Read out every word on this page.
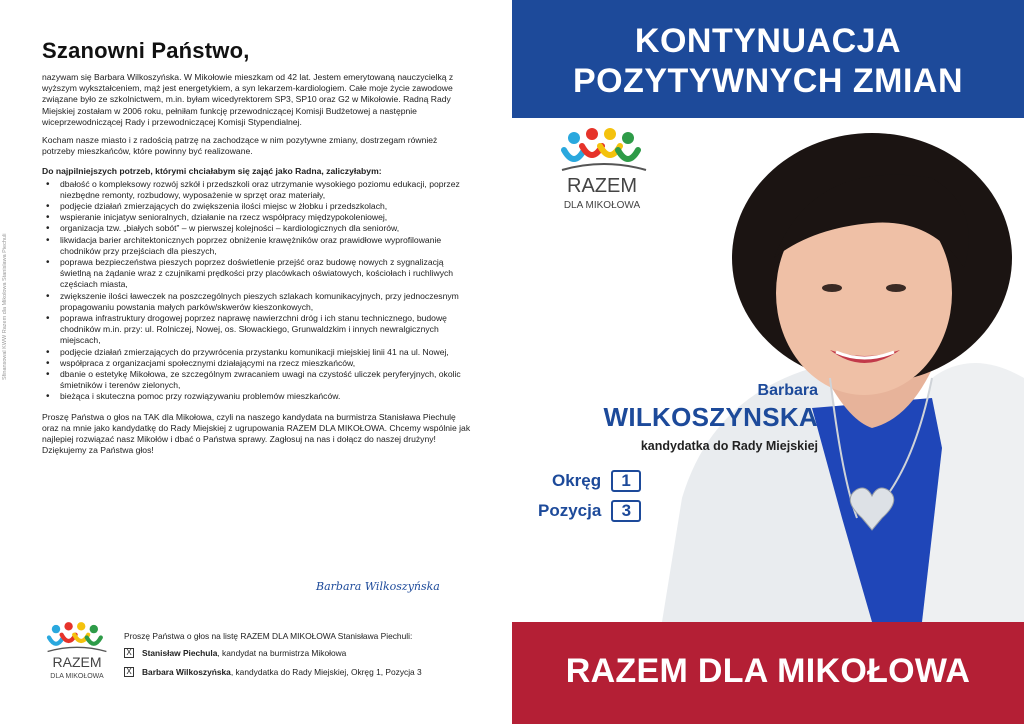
Sfinansowal KWW Razem dla Mikolowa Stanislawa Piechuli
Szanowni Państwo,

nazywam się Barbara Wilkoszyńska. W Mikołowie mieszkam od 42 lat. Jestem emerytowaną nauczycielką z wyższym wykształceniem, mąż jest energetykiem, a syn lekarzem-kardiologiem. Całe moje życie zawodowe związane było ze szkolnictwem, m.in. byłam wicedyrektorem SP3, SP10 oraz G2 w Mikołowie. Radną Rady Miejskiej zostałam w 2006 roku, pełniłam funkcję przewodniczącej Komisji Budżetowej a następnie wiceprzewodniczącej Rady i przewodniczącej Komisji Stypendialnej.

Kocham nasze miasto i z radością patrzę na zachodzące w nim pozytywne zmiany, dostrzegam również potrzeby mieszkańców, które powinny być realizowane.

Do najpilniejszych potrzeb, którymi chciałabym się zająć jako Radna, zaliczyłabym:

• dbałość o kompleksowy rozwój szkół i przedszkoli oraz utrzymanie wysokiego poziomu edukacji, poprzez niezbędne remonty, rozbudowy, wyposażenie w sprzęt oraz materiały,
• podjęcie działań zmierzających do zwiększenia ilości miejsc w żłobku i przedszkolach,
• wspieranie inicjatyw senioralnych, działanie na rzecz współpracy międzypokoleniowej,
• organizacja tzw. „białych sobót” – w pierwszej kolejności – kardiologicznych dla seniorów,
• likwidacja barier architektonicznych poprzez obniżenie krawężników oraz prawidłowe wyprofilowanie chodników przy przejściach dla pieszych,
• poprawa bezpieczeństwa pieszych poprzez doświetlenie przejść oraz budowę nowych z sygnalizacją świetlną na żądanie wraz z czujnikami prędkości przy placówkach oświatowych, kościołach i ruchliwych częściach miasta,
• zwiększenie ilości ławeczek na poszczególnych pieszych szlakach komunikacyjnych, przy jednoczesnym propagowaniu powstania małych parków/skwerów kieszonkowych,
• poprawa infrastruktury drogowej poprzez naprawę nawierzchni dróg i ich stanu technicznego, budowę chodników m.in. przy: ul. Rolniczej, Nowej, os. Słowackiego, Grunwaldzkim i innych newralgicznych miejscach,
• podjęcie działań zmierzających do przywrócenia przystanku komunikacji miejskiej linii 41 na ul. Nowej,
• współpraca z organizacjami społecznymi działającymi na rzecz mieszkańców,
• dbanie o estetykę Mikołowa, ze szczególnym zwracaniem uwagi na czystość uliczek peryferyjnych, okolic śmietników i terenów zielonych,
• bieżąca i skuteczna pomoc przy rozwiązywaniu problemów mieszkańców.

Proszę Państwa o głos na TAK dla Mikołowa, czyli na naszego kandydata na burmistrza Stanisława Piechulę oraz na mnie jako kandydatkę do Rady Miejskiej z ugrupowania RAZEM DLA MIKOŁOWA. Chcemy wspólnie jak najlepiej rozwiązać nasz Mikołów i dbać o Państwa sprawy. Zagłosuj na nas i dołącz do naszej drużyny! Dziękujemy za Państwa głos!

Barbara Wilkoszyńska
RAZEM
DLA MIKOŁOWA
Proszę Państwa o głos na listę RAZEM DLA MIKOŁOWA Stanisława Piechuli:
X Stanisław Piechula , kandydat na burmistrza Mikołowa
X Barbara Wilkoszyńska , kandydatka do Rady Miejskiej, Okręg 1, Pozycja 3
KONTYNUACJA
POZYTYWNYCH ZMIAN
RAZEM
DLA MIKOŁOWA
Barbara
WILKOSZYNSKA
kandydatka do Rady Miejskiej
Okręg	1
Pozycja	3
RAZEM DLA MIKOŁOWA
